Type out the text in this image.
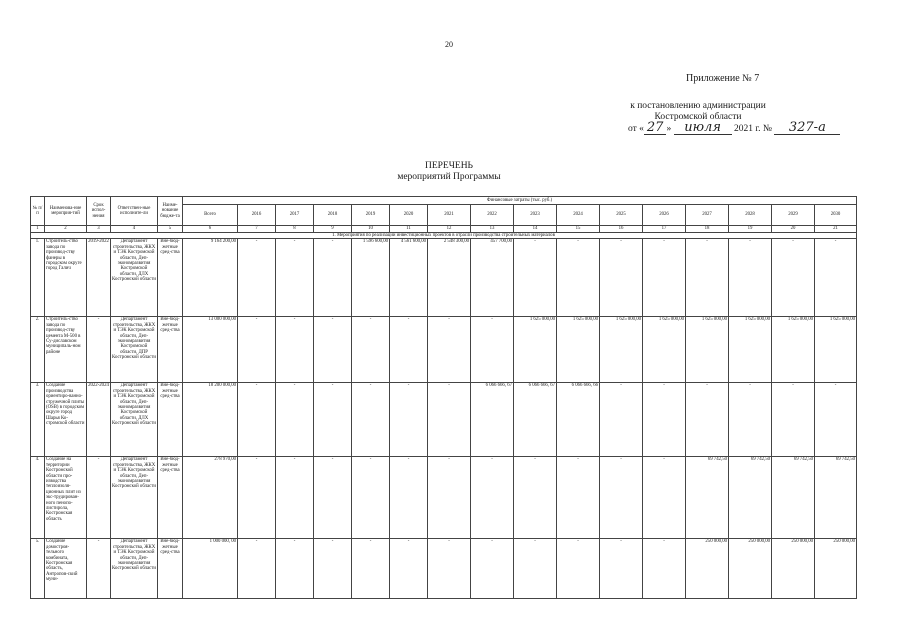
20
Приложение № 7
к постановлению администрации
Костромской области
от « 27 » июля 2021 г. № 327-а
ПЕРЕЧЕНЬ
мероприятий Программы
№ п/п	Наименова-ние мероприя-тий	Срок испол-нения	Ответствен-ные исполните-ли	Наиме-нование бюдже-та	Финансовые затраты (тыс. руб.)															
					Всего	2016	2017	2018	2019	2020	2021	2022	2023	2024	2025	2026	2027	2028	2029	2030
1	2	3	4	5	6	7	8	9	10	11	12	13	14	15	16	17	18	19	20	21
1. Мероприятия по реализации инвестиционных проектов в отрасли производства строительных материалов																				
1.	Строитель-ство завода по производ-ству фанеры в городском округе город Галич	2019-2022	Департамент строительства, ЖКХ и ТЭК Костромской области, Деп-экономразвития Костромской области, ДЛХ Костромской области	Вне-бюд-жетные сред-ства	9 164 200,00	-	-	-	1 596 600,00	4 561 600,00	2 548 300,00	457 700,00	-	-	-	-	-	-	-	-
2.	Строитель-ство завода по производ-ству цемента М-500 в Су-диславском муниципаль-ном районе	-	Департамент строительства, ЖКХ и ТЭК Костромской области, Деп-экономразвития Костромской области, ДПР Костромской области	Вне-бюд-жетные сред-ства	13 000 000,00	-	-	-	-	-	-	-	1 625 000,00	1 625 000,00	1 625 000,00	1 625 000,00	1 625 000,00	1 625 000,00	1 625 000,00	1 625 000,00
3.	Создание производства ориентиро-ванно-стружечной плиты (OSB) в городском округе город Шарья Ко-стромской области	2022-2024	Департамент строительства, ЖКХ и ТЭК Костромской области, Деп-экономразвития Костромской области, ДЛХ Костромской области	Вне-бюд-жетные сред-ства	18 200 000,00	-	-	-	-	-	-	6 066 666, 67	6 066 666, 67	6 066 666, 66	-	-	-	-	-	-
4.	Создание на территории Костромской области про-изводства теплоизоля-ционных плит из экс-трудирован-ного пенопо-листирола, Костромская область	-	Департамент строительства, ЖКХ и ТЭК Костромской области, Деп-экономразвития Костромской области	Вне-бюд-жетные сред-ства	278 970,00	-	-	-	-	-	-	-	-	-	-	-	69 742,50	69 742,50	69 742,50	69 742,50
5.	Создание домостроя-тельного комбината, Костромская область, Антропов-ский муни-	-	Департамент строительства, ЖКХ и ТЭК Костромской области, Деп-экономразвития Костромской области	Вне-бюд-жетные сред-ства	1 000 000, 00	-	-	-	-	-	-	-	-	-	-	-	250 000,00	250 000,00	250 000,00	250 000,00
